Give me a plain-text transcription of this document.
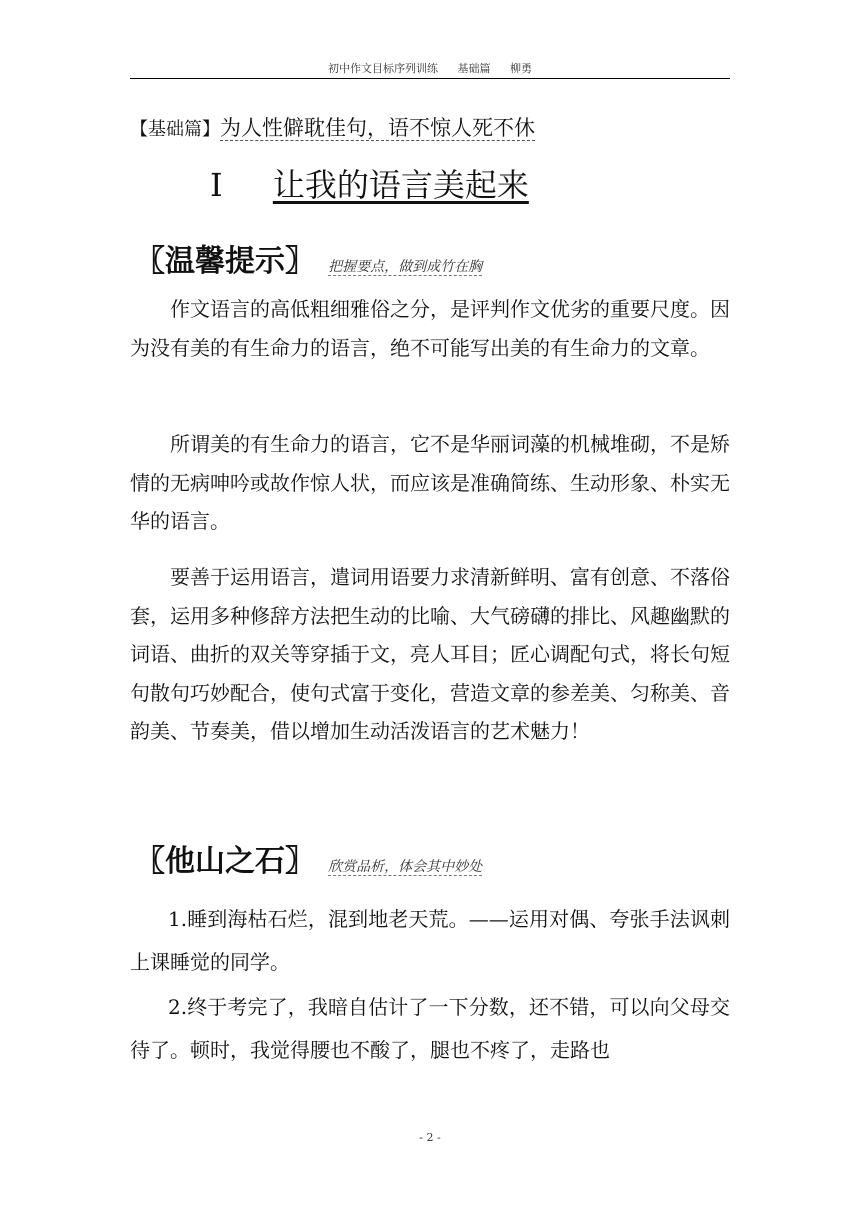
初中作文目标序列训练 基础篇 柳勇
【基础篇】为人性僻耽佳句，语不惊人死不休
I 让我的语言美起来
〖温馨提示〗 把握要点，做到成竹在胸

作文语言的高低粗细雅俗之分，是评判作文优劣的重要尺度。因为没有美的有生命力的语言，绝不可能写出美的有生命力的文章。

所谓美的有生命力的语言，它不是华丽词藻的机械堆砌，不是矫情的无病呻吟或故作惊人状，而应该是准确简练、生动形象、朴实无华的语言。

要善于运用语言，遣词用语要力求清新鲜明、富有创意、不落俗套，运用多种修辞方法把生动的比喻、大气磅礴的排比、风趣幽默的词语、曲折的双关等穿插于文，亮人耳目；匠心调配句式，将长句短句散句巧妙配合，使句式富于变化，营造文章的参差美、匀称美、音韵美、节奏美，借以增加生动活泼语言的艺术魅力！

〖他山之石〗 欣赏品析，体会其中妙处

1.睡到海枯石烂，混到地老天荒。——运用对偶、夸张手法讽刺上课睡觉的同学。

2.终于考完了，我暗自估计了一下分数，还不错，可以向父母交待了。顿时，我觉得腰也不酸了，腿也不疼了，走路也

- 2 -
